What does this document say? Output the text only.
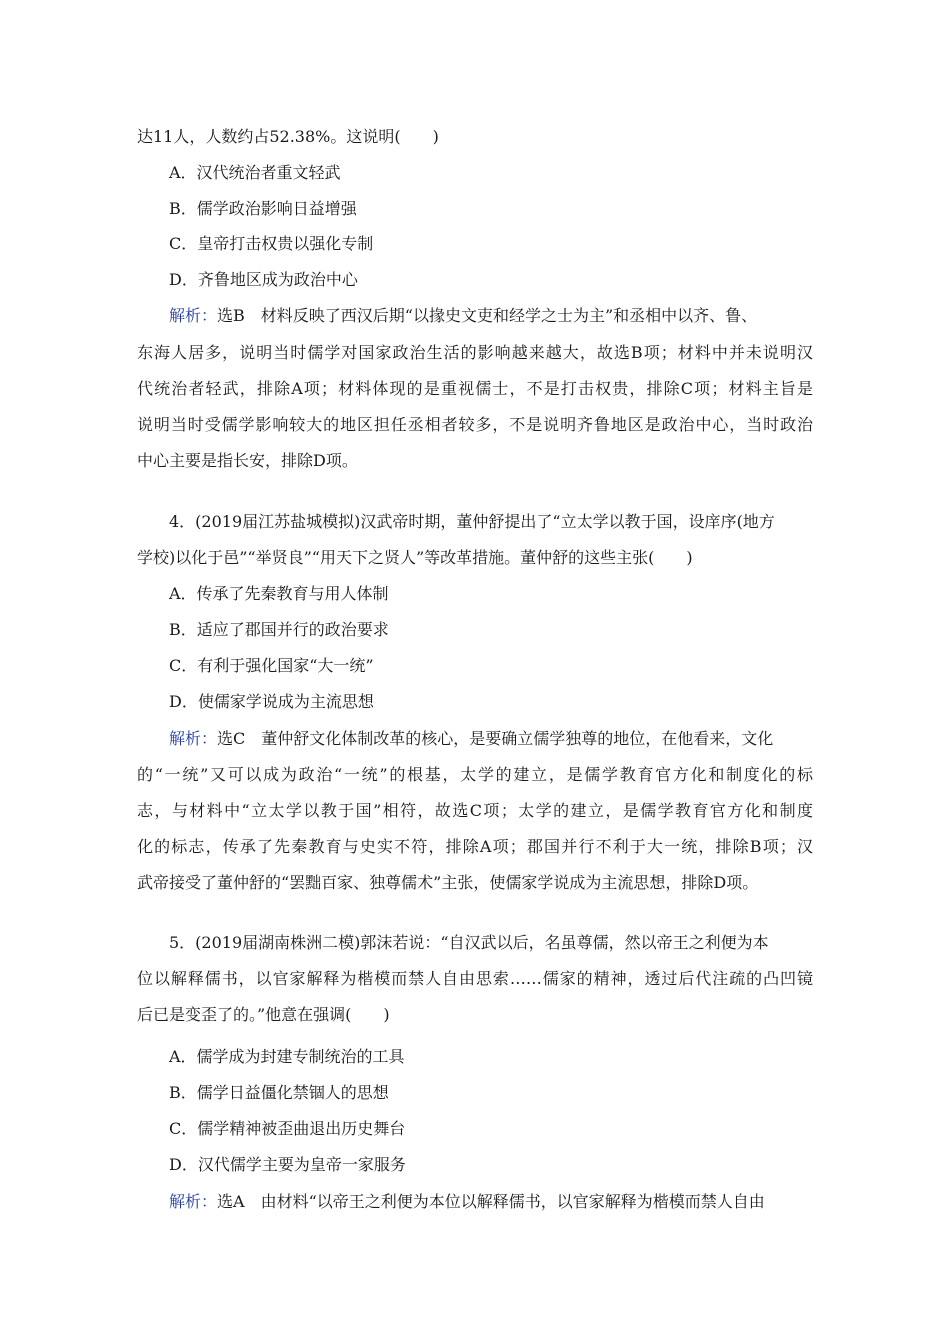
达11人，人数约占52.38%。这说明(　　)
A．汉代统治者重文轻武
B．儒学政治影响日益增强
C．皇帝打击权贵以强化专制
D．齐鲁地区成为政治中心
解析：选B　材料反映了西汉后期“以掾史文吏和经学之士为主”和丞相中以齐、鲁、
东海人居多，说明当时儒学对国家政治生活的影响越来越大，故选B项；材料中并未说明汉
代统治者轻武，排除A项；材料体现的是重视儒士，不是打击权贵，排除C项；材料主旨是
说明当时受儒学影响较大的地区担任丞相者较多，不是说明齐鲁地区是政治中心，当时政治
中心主要是指长安，排除D项。
4．(2019届江苏盐城模拟)汉武帝时期，董仲舒提出了“立太学以教于国，设庠序(地方
学校)以化于邑”“举贤良”“用天下之贤人”等改革措施。董仲舒的这些主张(　　)
A．传承了先秦教育与用人体制
B．适应了郡国并行的政治要求
C．有利于强化国家“大一统”
D．使儒家学说成为主流思想
解析：选C　董仲舒文化体制改革的核心，是要确立儒学独尊的地位，在他看来，文化
的“一统”又可以成为政治“一统”的根基，太学的建立，是儒学教育官方化和制度化的标
志，与材料中“立太学以教于国”相符，故选C项；太学的建立，是儒学教育官方化和制度
化的标志，传承了先秦教育与史实不符，排除A项；郡国并行不利于大一统，排除B项；汉
武帝接受了董仲舒的“罢黜百家、独尊儒术”主张，使儒家学说成为主流思想，排除D项。
5．(2019届湖南株洲二模)郭沫若说：“自汉武以后，名虽尊儒，然以帝王之利便为本
位以解释儒书，以官家解释为楷模而禁人自由思索……儒家的精神，透过后代注疏的凸凹镜
后已是变歪了的。”他意在强调(　　)
A．儒学成为封建专制统治的工具
B．儒学日益僵化禁锢人的思想
C．儒学精神被歪曲退出历史舞台
D．汉代儒学主要为皇帝一家服务
解析：选A　由材料“以帝王之利便为本位以解释儒书，以官家解释为楷模而禁人自由
